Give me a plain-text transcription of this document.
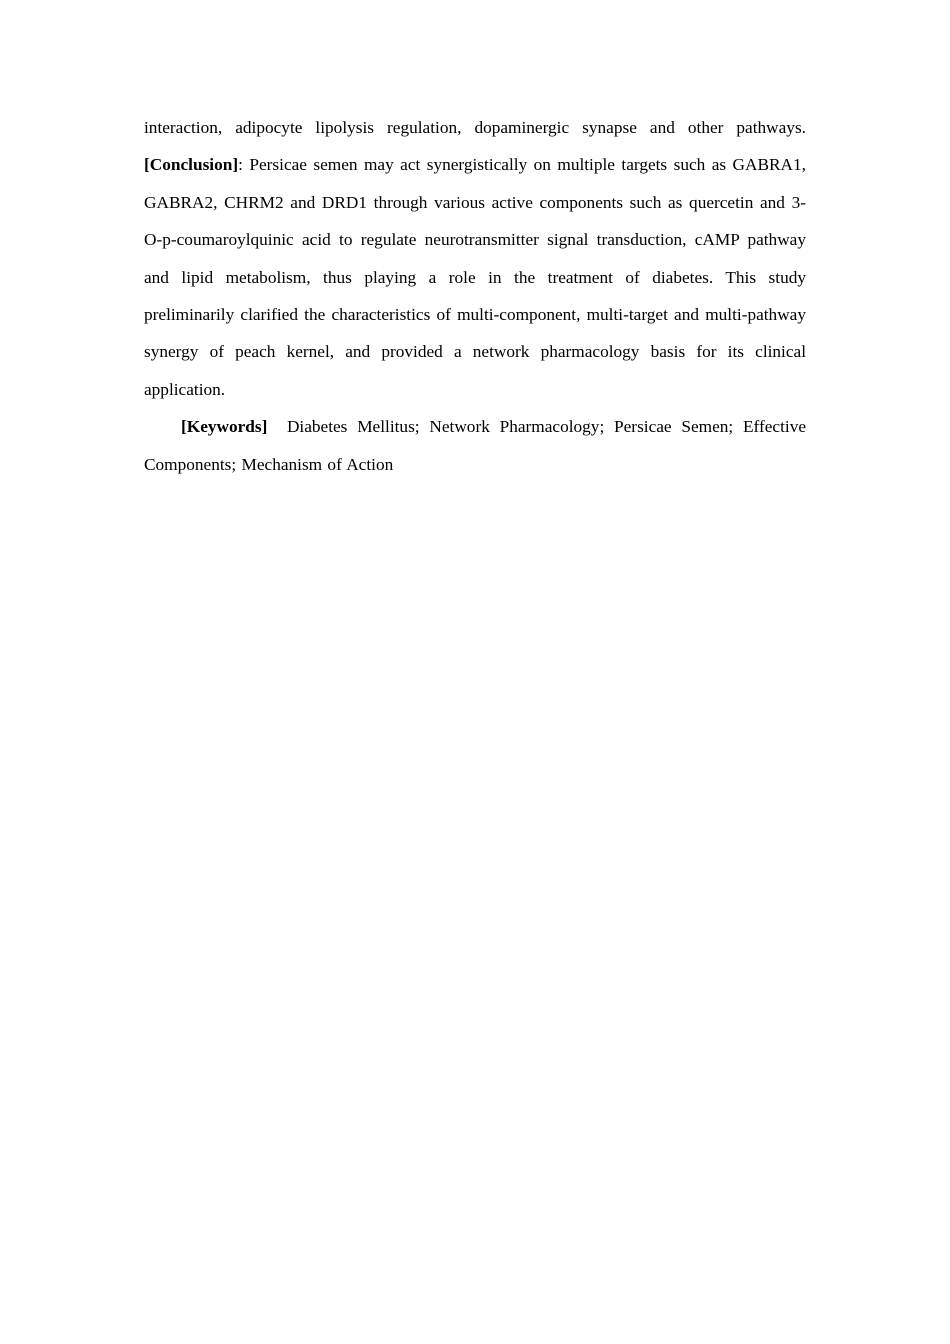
interaction, adipocyte lipolysis regulation, dopaminergic synapse and other pathways. [Conclusion]: Persicae semen may act synergistically on multiple targets such as GABRA1, GABRA2, CHRM2 and DRD1 through various active components such as quercetin and 3-O-p-coumaroylquinic acid to regulate neurotransmitter signal transduction, cAMP pathway and lipid metabolism, thus playing a role in the treatment of diabetes. This study preliminarily clarified the characteristics of multi-component, multi-target and multi-pathway synergy of peach kernel, and provided a network pharmacology basis for its clinical application.

[Keywords] Diabetes Mellitus; Network Pharmacology; Persicae Semen; Effective Components; Mechanism of Action
